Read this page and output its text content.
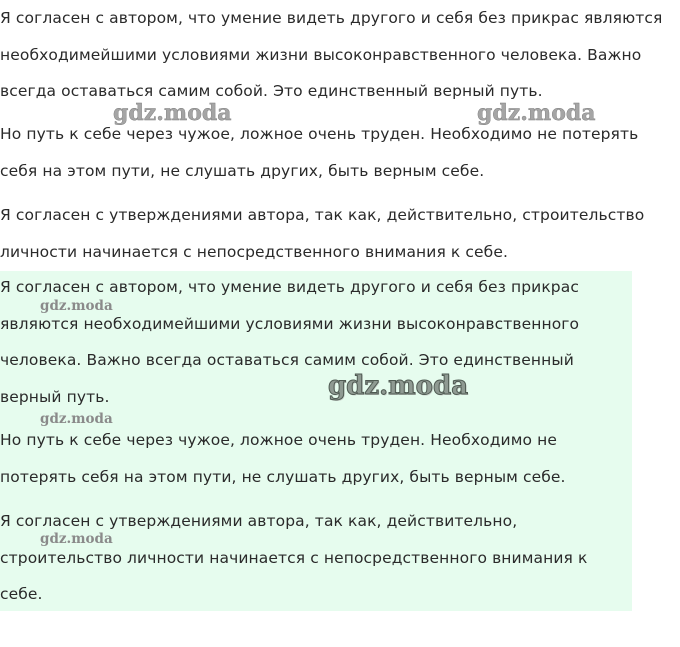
Я согласен с автором, что умение видеть другого и себя без прикрас являются
необходимейшими условиями жизни высоконравственного человека. Важно
всегда оставаться самим собой. Это единственный верный путь.
Но путь к себе через чужое, ложное очень труден. Необходимо не потерять
себя на этом пути, не слушать других, быть верным себе.
Я согласен с утверждениями автора, так как, действительно, строительство
личности начинается с непосредственного внимания к себе.
Я согласен с автором, что умение видеть другого и себя без прикрас
являются необходимейшими условиями жизни высоконравственного
человека. Важно всегда оставаться самим собой. Это единственный
верный путь.
Но путь к себе через чужое, ложное очень труден. Необходимо не
потерять себя на этом пути, не слушать других, быть верным себе.
Я согласен с утверждениями автора, так как, действительно,
строительство личности начинается с непосредственного внимания к
себе.
gdz.moda	gdz.moda
gdz.moda
gdz.moda
gdz.moda
gdz.moda
